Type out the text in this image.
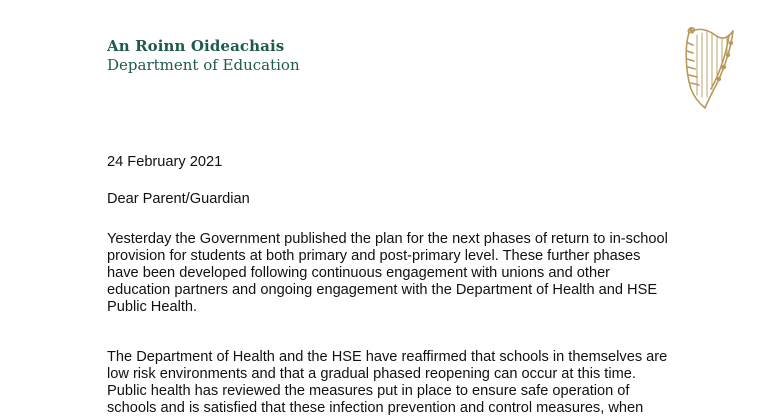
An Roinn Oideachais
Department of Education
24 February 2021
Dear Parent/Guardian
Yesterday the Government published the plan for the next phases of return to in-school
provision for students at both primary and post-primary level. These further phases
have been developed following continuous engagement with unions and other
education partners and ongoing engagement with the Department of Health and HSE
Public Health.
The Department of Health and the HSE have reaffirmed that schools in themselves are
low risk environments and that a gradual phased reopening can occur at this time.
Public health has reviewed the measures put in place to ensure safe operation of
schools and is satisfied that these infection prevention and control measures, when
